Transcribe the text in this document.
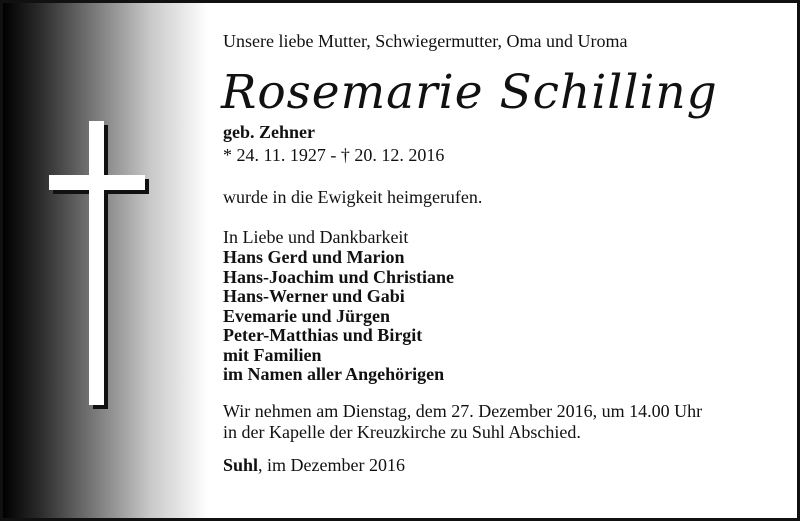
Unsere liebe Mutter, Schwiegermutter, Oma und Uroma

Rosemarie Schilling

geb. Zehner

* 24. 11. 1927 - † 20. 12. 2016

wurde in die Ewigkeit heimgerufen.

In Liebe und Dankbarkeit

Hans Gerd und Marion
Hans-Joachim und Christiane
Hans-Werner und Gabi
Evemarie und Jürgen
Peter-Matthias und Birgit
mit Familien
im Namen aller Angehörigen

Wir nehmen am Dienstag, dem 27. Dezember 2016, um 14.00 Uhr
in der Kapelle der Kreuzkirche zu Suhl Abschied.

Suhl, im Dezember 2016
